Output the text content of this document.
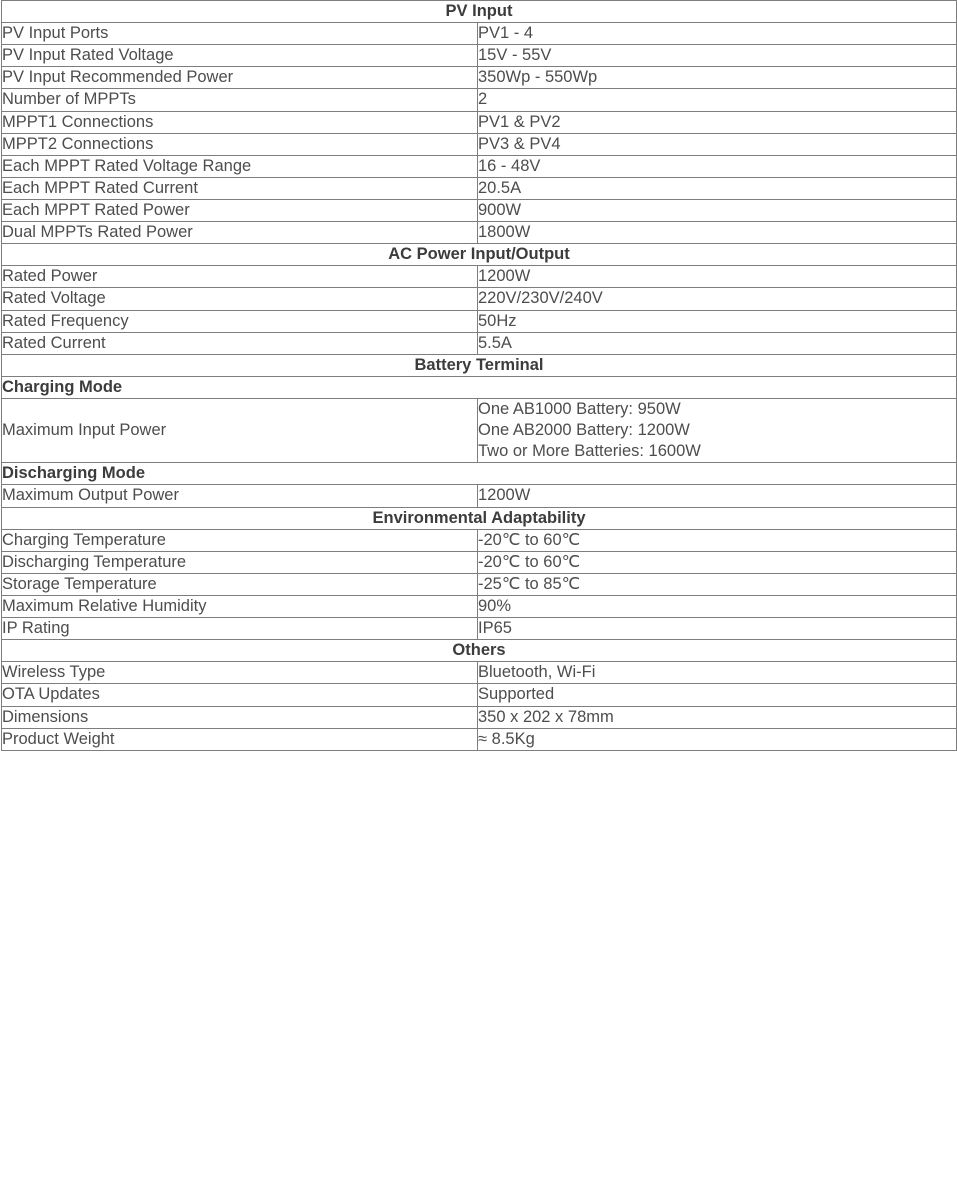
PV Input	
PV Input Ports	PV1 - 4
PV Input Rated Voltage	15V - 55V
PV Input Recommended Power	350Wp - 550Wp
Number of MPPTs	2
MPPT1 Connections	PV1 & PV2
MPPT2 Connections	PV3 & PV4
Each MPPT Rated Voltage Range	16 - 48V
Each MPPT Rated Current	20.5A
Each MPPT Rated Power	900W
Dual MPPTs Rated Power	1800W
AC Power Input/Output	
Rated Power	1200W
Rated Voltage	220V/230V/240V
Rated Frequency	50Hz
Rated Current	5.5A
Battery Terminal	
Charging Mode	
Maximum Input Power	One AB1000 Battery: 950W
One AB2000 Battery: 1200W
Two or More Batteries: 1600W

Discharging Mode	
Maximum Output Power	1200W
Environmental Adaptability	
Charging Temperature	-20℃ to 60℃
Discharging Temperature	-20℃ to 60℃
Storage Temperature	-25℃ to 85℃
Maximum Relative Humidity	90%
IP Rating	IP65
Others	
Wireless Type	Bluetooth, Wi-Fi
OTA Updates	Supported
Dimensions	350 x 202 x 78mm
Product Weight	≈ 8.5Kg
